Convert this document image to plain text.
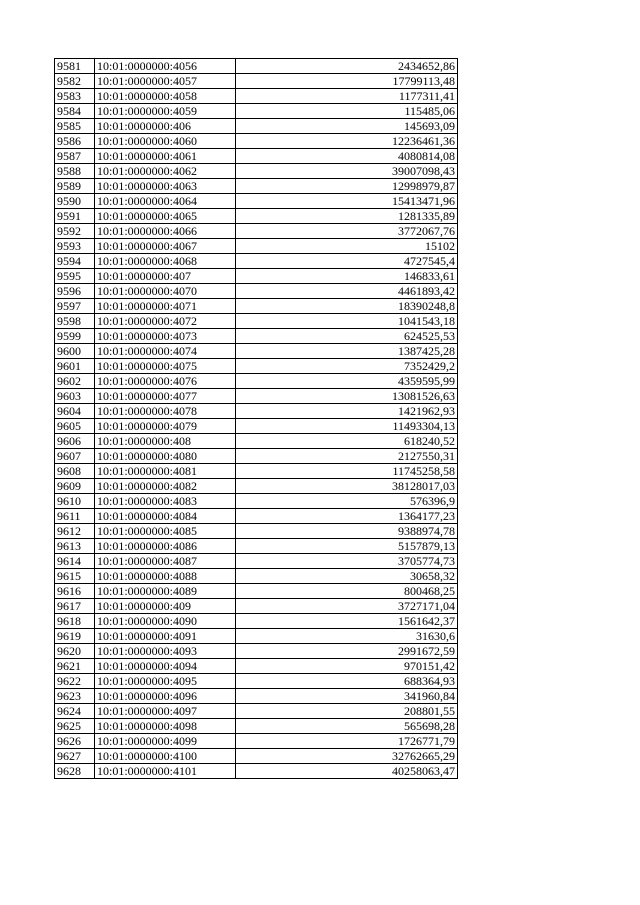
9581	10:01:0000000:4056	2434652,86
9582	10:01:0000000:4057	17799113,48
9583	10:01:0000000:4058	1177311,41
9584	10:01:0000000:4059	115485,06
9585	10:01:0000000:406	145693,09
9586	10:01:0000000:4060	12236461,36
9587	10:01:0000000:4061	4080814,08
9588	10:01:0000000:4062	39007098,43
9589	10:01:0000000:4063	12998979,87
9590	10:01:0000000:4064	15413471,96
9591	10:01:0000000:4065	1281335,89
9592	10:01:0000000:4066	3772067,76
9593	10:01:0000000:4067	15102
9594	10:01:0000000:4068	4727545,4
9595	10:01:0000000:407	146833,61
9596	10:01:0000000:4070	4461893,42
9597	10:01:0000000:4071	18390248,8
9598	10:01:0000000:4072	1041543,18
9599	10:01:0000000:4073	624525,53
9600	10:01:0000000:4074	1387425,28
9601	10:01:0000000:4075	7352429,2
9602	10:01:0000000:4076	4359595,99
9603	10:01:0000000:4077	13081526,63
9604	10:01:0000000:4078	1421962,93
9605	10:01:0000000:4079	11493304,13
9606	10:01:0000000:408	618240,52
9607	10:01:0000000:4080	2127550,31
9608	10:01:0000000:4081	11745258,58
9609	10:01:0000000:4082	38128017,03
9610	10:01:0000000:4083	576396,9
9611	10:01:0000000:4084	1364177,23
9612	10:01:0000000:4085	9388974,78
9613	10:01:0000000:4086	5157879,13
9614	10:01:0000000:4087	3705774,73
9615	10:01:0000000:4088	30658,32
9616	10:01:0000000:4089	800468,25
9617	10:01:0000000:409	3727171,04
9618	10:01:0000000:4090	1561642,37
9619	10:01:0000000:4091	31630,6
9620	10:01:0000000:4093	2991672,59
9621	10:01:0000000:4094	970151,42
9622	10:01:0000000:4095	688364,93
9623	10:01:0000000:4096	341960,84
9624	10:01:0000000:4097	208801,55
9625	10:01:0000000:4098	565698,28
9626	10:01:0000000:4099	1726771,79
9627	10:01:0000000:4100	32762665,29
9628	10:01:0000000:4101	40258063,47
